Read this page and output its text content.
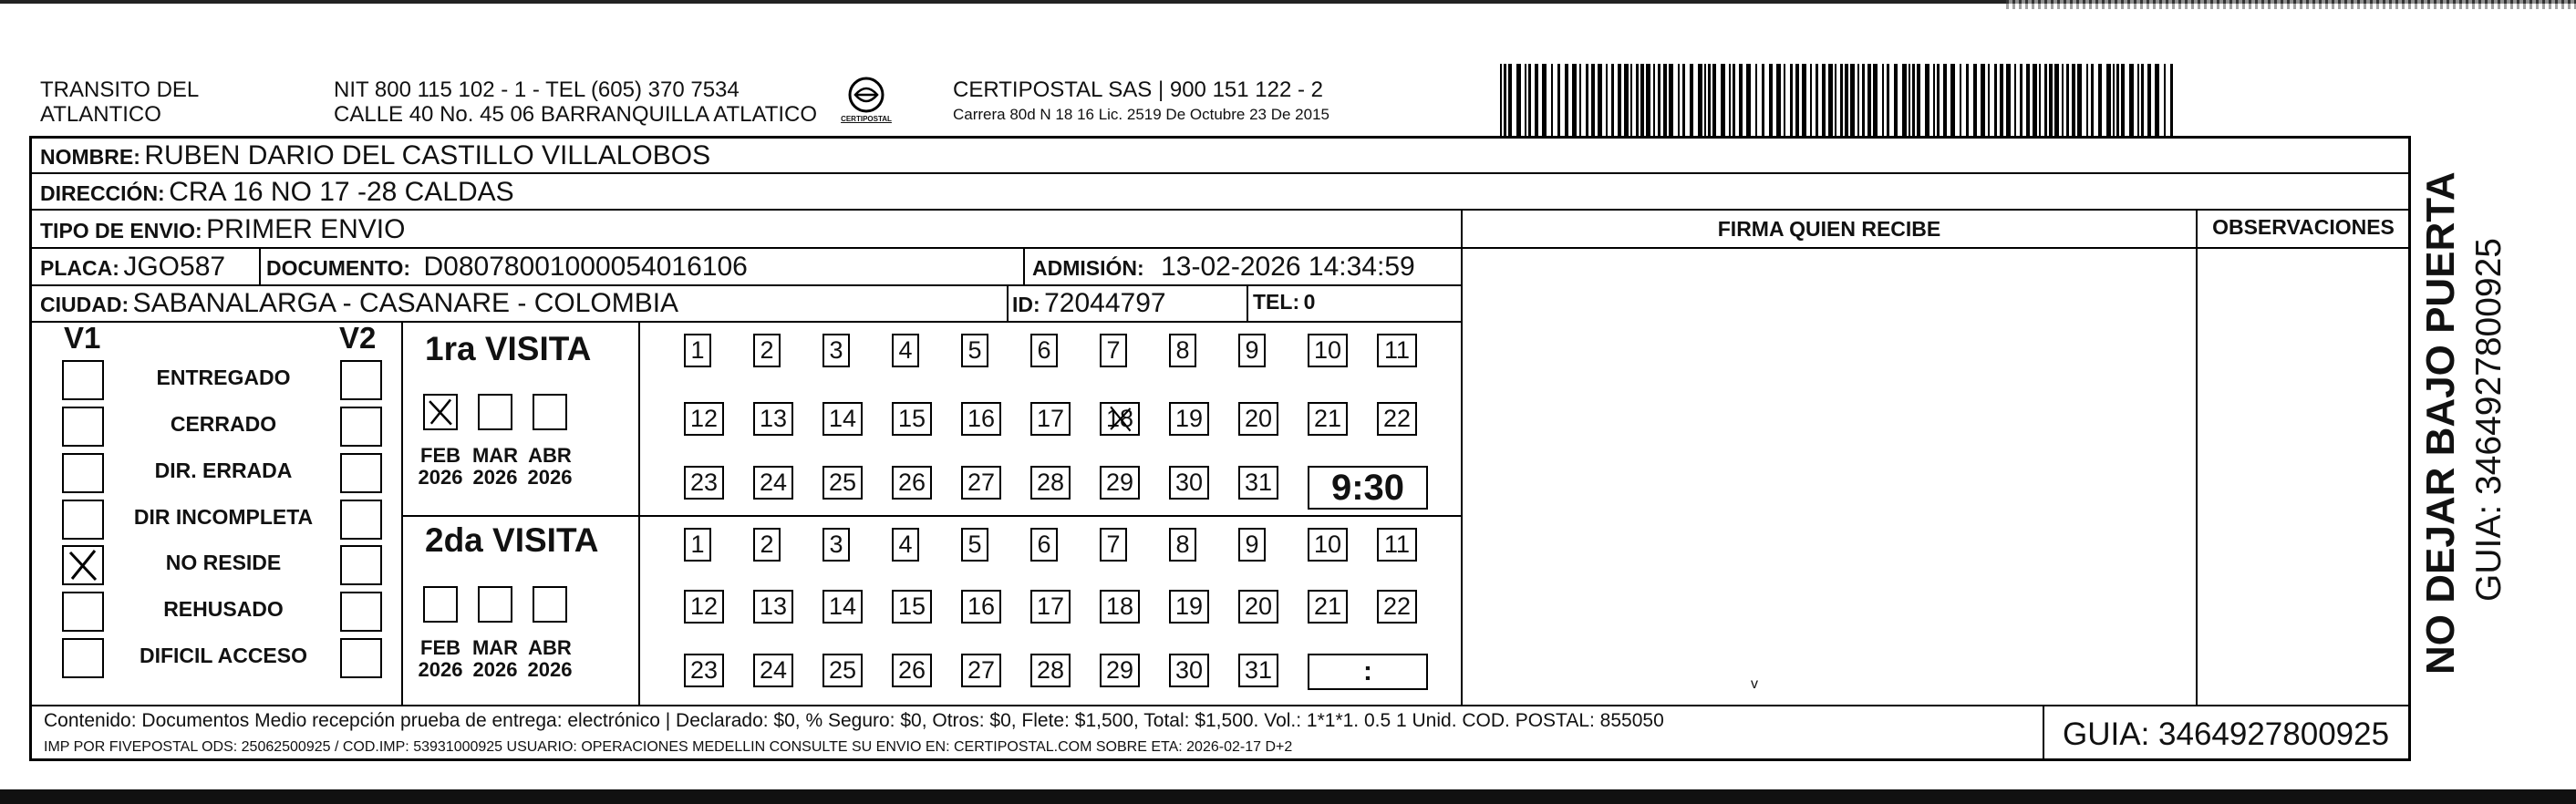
TRANSITO DEL
ATLANTICO
NIT 800 115 102 - 1 - TEL (605) 370 7534
CALLE 40 No. 45 06 BARRANQUILLA ATLATICO	CERTIPOSTAL
CERTIPOSTAL SAS | 900 151 122 - 2
Carrera 80d N 18 16 Lic. 2519 De Octubre 23 De 2015
NOMBRE: RUBEN DARIO DEL CASTILLO VILLALOBOS
DIRECCIÓN: CRA 16 NO 17 -28 CALDAS
TIPO DE ENVIO: PRIMER ENVIO
PLACA: JGO587 DOCUMENTO: D08078001000054016106	ADMISIÓN: 13-02-2026 14:34:59
CIUDAD: SABANALARGA - CASANARE - COLOMBIA	ID: 72044797	TEL: 0
FIRMA QUIEN RECIBE	OBSERVACIONES
v
V1	V2
ENTREGADO
CERRADO
DIR. ERRADA
DIR INCOMPLETA
NO RESIDE
REHUSADO
DIFICIL ACCESO
1ra VISITA
2da VISITA
FEB
2026
MAR
2026
ABR
2026
FEB
2026
MAR
2026
ABR
2026
1 2 3 4 5 6 7 8 9 10 11
12 13 14 15 16 17 18 19 20 21 22
23 24 25 26 27 28 29 30 31	9:30
1 2 3 4 5 6 7 8 9 10 11
12 13 14 15 16 17 18 19 20 21 22
23 24 25 26 27 28 29 30 31	:
Contenido: Documentos Medio recepción prueba de entrega: electrónico | Declarado: $0, % Seguro: $0, Otros: $0, Flete: $1,500, Total: $1,500. Vol.: 1*1*1. 0.5 1 Unid. COD. POSTAL: 855050
IMP POR FIVEPOSTAL ODS: 25062500925 / COD.IMP: 53931000925 USUARIO: OPERACIONES MEDELLIN CONSULTE SU ENVIO EN: CERTIPOSTAL.COM SOBRE ETA: 2026-02-17 D+2	GUIA: 3464927800925
NO DEJAR BAJO PUERTA GUIA: 3464927800925
